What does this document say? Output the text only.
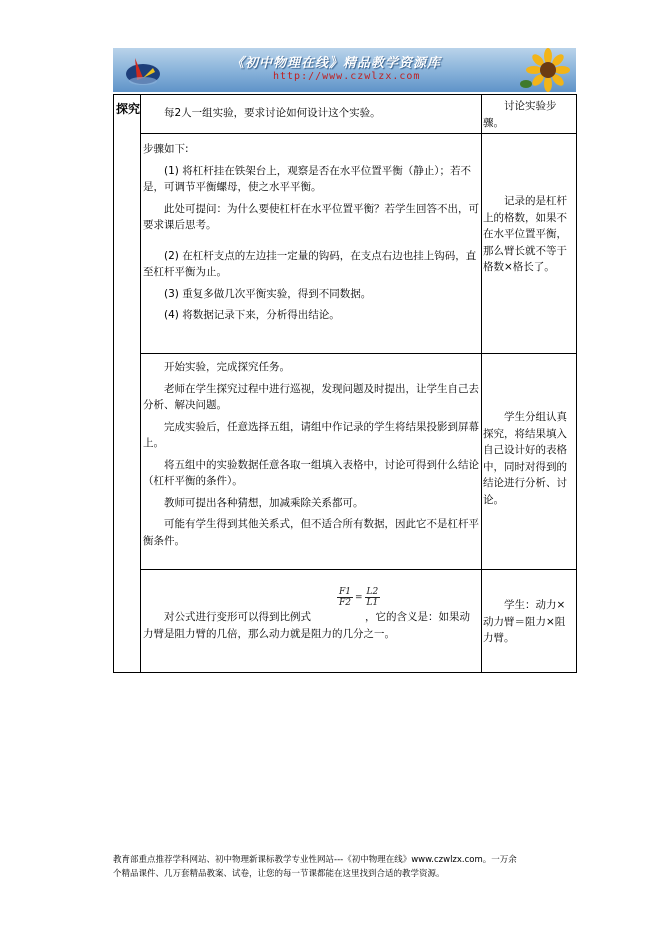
《初中物理在线》精品教学资源库
http://www.czwlzx.com
探究	每2人一组实验，要求讨论如何设计这个实验。

讨论实验步骤。

步骤如下:

(1) 将杠杆挂在铁架台上，观察是否在水平位置平衡（静止）；若不是，可调节平衡螺母，使之水平平衡。

此处可提问：为什么要使杠杆在水平位置平衡？若学生回答不出，可要求课后思考。

(2) 在杠杆支点的左边挂一定量的钩码，在支点右边也挂上钩码，直至杠杆平衡为止。

(3) 重复多做几次平衡实验，得到不同数据。

(4) 将数据记录下来，分析得出结论。

记录的是杠杆上的格数，如果不在水平位置平衡，那么臂长就不等于格数×格长了。

开始实验，完成探究任务。

老师在学生探究过程中进行巡视，发现问题及时提出，让学生自己去分析、解决问题。

完成实验后，任意选择五组，请组中作记录的学生将结果投影到屏幕上。

将五组中的实验数据任意各取一组填入表格中，讨论可得到什么结论（杠杆平衡的条件）。

教师可提出各种猜想，加减乘除关系都可。

可能有学生得到其他关系式，但不适合所有数据，因此它不是杠杆平衡条件。

学生分组认真探究，将结果填入自己设计好的表格中，同时对得到的结论进行分析、讨论。

$\frac{F1}{F2} = \frac{L2}{L1}$

对公式进行变形可以得到比例式	，它的含义是：如果动力臂是阻力臂的几倍，那么动力就是阻力的几分之一。

学生：动力×动力臂＝阻力×阻力臂。

教育部重点推荐学科网站、初中物理新课标教学专业性网站---《初中物理在线》www.czwlzx.com。一万余
个精品课件、几万套精品教案、试卷，让您的每一节课都能在这里找到合适的教学资源。
